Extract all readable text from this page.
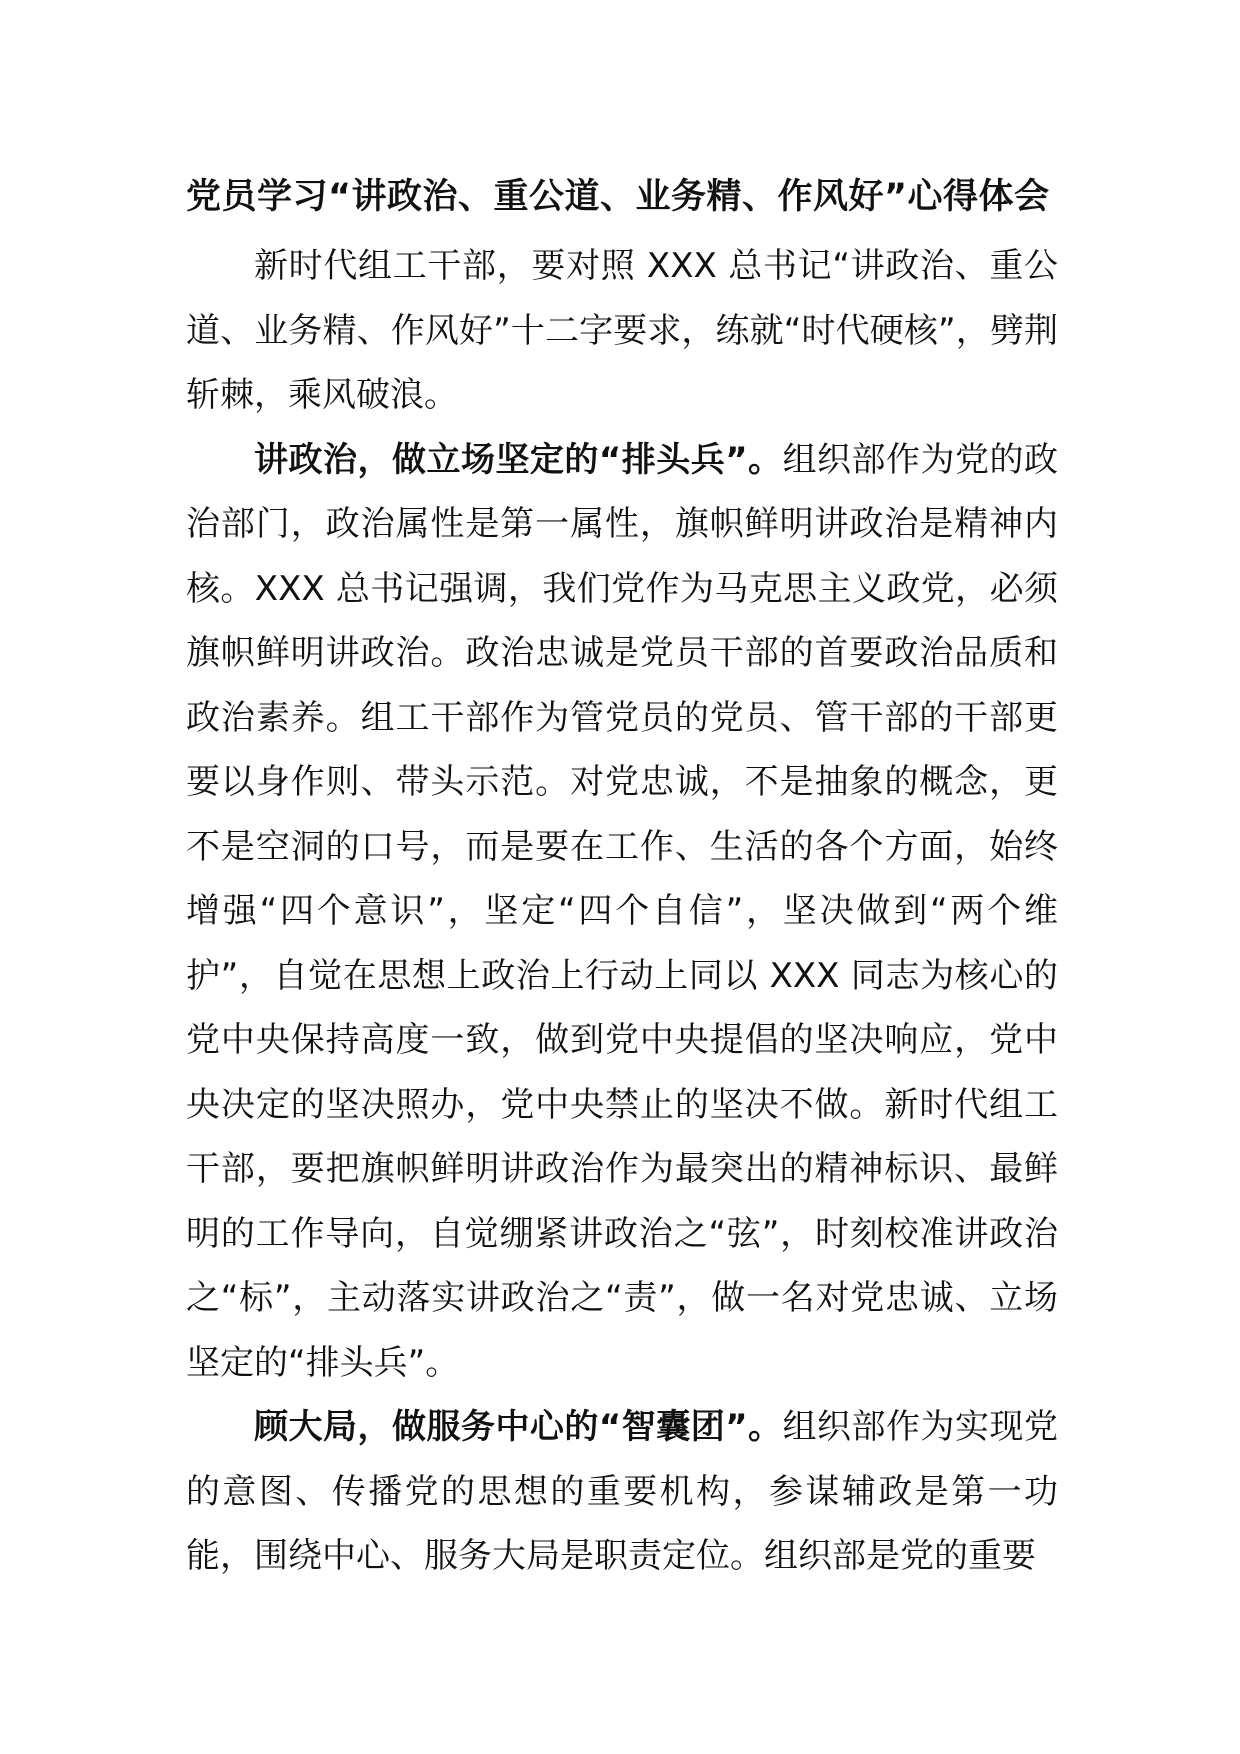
党员学习“讲政治、重公道、业务精、作风好”心得体会

新时代组工干部，要对照 XXX 总书记“讲政治、重公道、业务精、作风好”十二字要求，练就“时代硬核”，劈荆斩棘，乘风破浪。

讲政治，做立场坚定的“排头兵”。组织部作为党的政治部门，政治属性是第一属性，旗帜鲜明讲政治是精神内核。XXX 总书记强调，我们党作为马克思主义政党，必须旗帜鲜明讲政治。政治忠诚是党员干部的首要政治品质和政治素养。组工干部作为管党员的党员、管干部的干部更要以身作则、带头示范。对党忠诚，不是抽象的概念，更不是空洞的口号，而是要在工作、生活的各个方面，始终增强“四个意识”，坚定“四个自信”，坚决做到“两个维护”，自觉在思想上政治上行动上同以 XXX 同志为核心的党中央保持高度一致，做到党中央提倡的坚决响应，党中央决定的坚决照办，党中央禁止的坚决不做。新时代组工干部，要把旗帜鲜明讲政治作为最突出的精神标识、最鲜明的工作导向，自觉绷紧讲政治之“弦”，时刻校准讲政治之“标”，主动落实讲政治之“责”，做一名对党忠诚、立场坚定的“排头兵”。

顾大局，做服务中心的“智囊团”。组织部作为实现党的意图、传播党的思想的重要机构，参谋辅政是第一功能，围绕中心、服务大局是职责定位。组织部是党的重要
